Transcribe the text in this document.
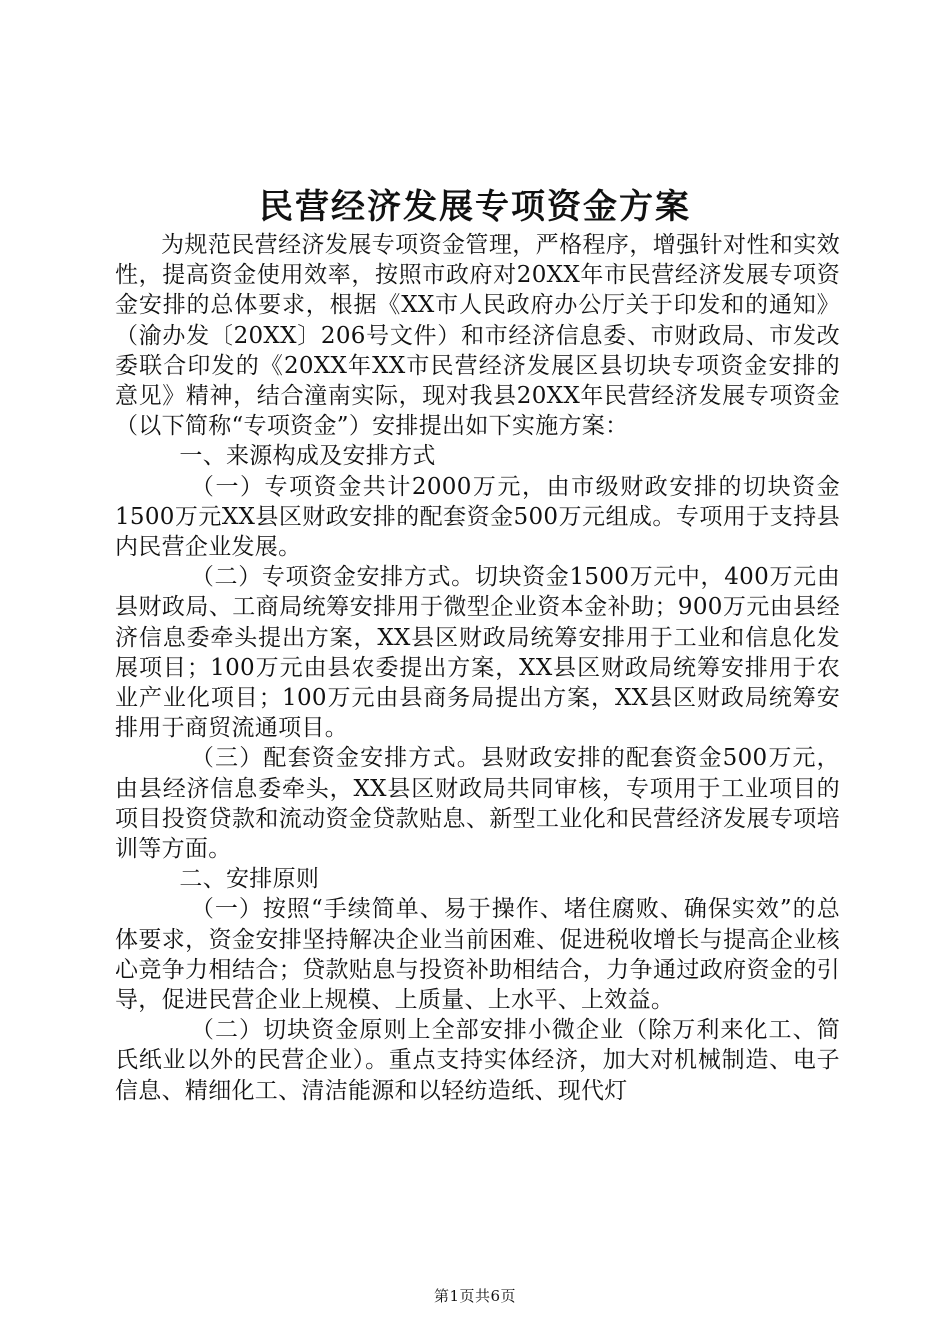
民营经济发展专项资金方案

为规范民营经济发展专项资金管理，严格程序，增强针对性和实效性，提高资金使用效率，按照市政府对20XX年市民营经济发展专项资金安排的总体要求，根据《XX市人民政府办公厅关于印发和的通知》（渝办发〔20XX〕206号文件）和市经济信息委、市财政局、市发改委联合印发的《20XX年XX市民营经济发展区县切块专项资金安排的意见》精神，结合潼南实际，现对我县20XX年民营经济发展专项资金（以下简称“专项资金”）安排提出如下实施方案：

一、来源构成及安排方式

（一）专项资金共计2000万元，由市级财政安排的切块资金1500万元XX县区财政安排的配套资金500万元组成。专项用于支持县内民营企业发展。

（二）专项资金安排方式。切块资金1500万元中，400万元由县财政局、工商局统筹安排用于微型企业资本金补助；900万元由县经济信息委牵头提出方案，XX县区财政局统筹安排用于工业和信息化发展项目；100万元由县农委提出方案，XX县区财政局统筹安排用于农业产业化项目；100万元由县商务局提出方案，XX县区财政局统筹安排用于商贸流通项目。

（三）配套资金安排方式。县财政安排的配套资金500万元，由县经济信息委牵头，XX县区财政局共同审核，专项用于工业项目的项目投资贷款和流动资金贷款贴息、新型工业化和民营经济发展专项培训等方面。

二、安排原则

（一）按照“手续简单、易于操作、堵住腐败、确保实效”的总体要求，资金安排坚持解决企业当前困难、促进税收增长与提高企业核心竞争力相结合；贷款贴息与投资补助相结合，力争通过政府资金的引导，促进民营企业上规模、上质量、上水平、上效益。

（二）切块资金原则上全部安排小微企业（除万利来化工、简氏纸业以外的民营企业）。重点支持实体经济，加大对机械制造、电子信息、精细化工、清洁能源和以轻纺造纸、现代灯

第1页共6页
